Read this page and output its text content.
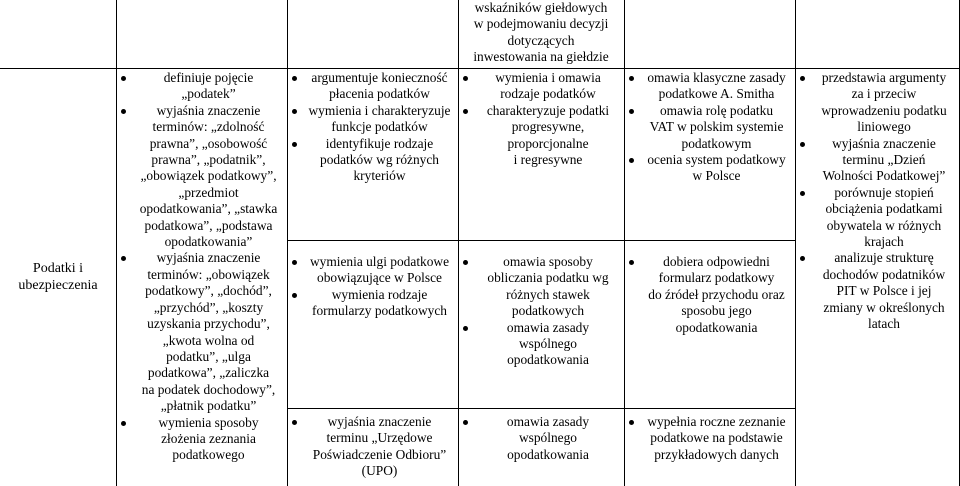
Podatki i
ubezpieczenia
definiuje pojęcie
„podatek”
wyjaśnia znaczenie
terminów: „zdolność
prawna”, „osobowość
prawna”, „podatnik”,
„obowiązek podatkowy”,
„przedmiot
opodatkowania”, „stawka
podatkowa”, „podstawa
opodatkowania”
wyjaśnia znaczenie
terminów: „obowiązek
podatkowy”, „dochód”,
„przychód”, „koszty
uzyskania przychodu”,
„kwota wolna od
podatku”, „ulga
podatkowa”, „zaliczka
na podatek dochodowy”,
„płatnik podatku”
wymienia sposoby
złożenia zeznania
podatkowego
argumentuje konieczność
płacenia podatków
wymienia i charakteryzuje
funkcje podatków
identyfikuje rodzaje
podatków wg różnych
kryteriów
wymienia ulgi podatkowe
obowiązujące w Polsce
wymienia rodzaje
formularzy podatkowych
wyjaśnia znaczenie
terminu „Urzędowe
Poświadczenie Odbioru”
(UPO)
wskaźników giełdowych
w podejmowaniu decyzji
dotyczących
inwestowania na giełdzie
wymienia i omawia
rodzaje podatków
charakteryzuje podatki
progresywne,
proporcjonalne
i regresywne
omawia sposoby
obliczania podatku wg
różnych stawek
podatkowych
omawia zasady
wspólnego
opodatkowania
omawia zasady
wspólnego
opodatkowania
omawia klasyczne zasady
podatkowe A. Smitha
omawia rolę podatku
VAT w polskim systemie
podatkowym
ocenia system podatkowy
w Polsce
dobiera odpowiedni
formularz podatkowy
do źródeł przychodu oraz
sposobu jego
opodatkowania
wypełnia roczne zeznanie
podatkowe na podstawie
przykładowych danych
przedstawia argumenty
za i przeciw
wprowadzeniu podatku
liniowego
wyjaśnia znaczenie
terminu „Dzień
Wolności Podatkowej”
porównuje stopień
obciążenia podatkami
obywatela w różnych
krajach
analizuje strukturę
dochodów podatników
PIT w Polsce i jej
zmiany w określonych
latach
